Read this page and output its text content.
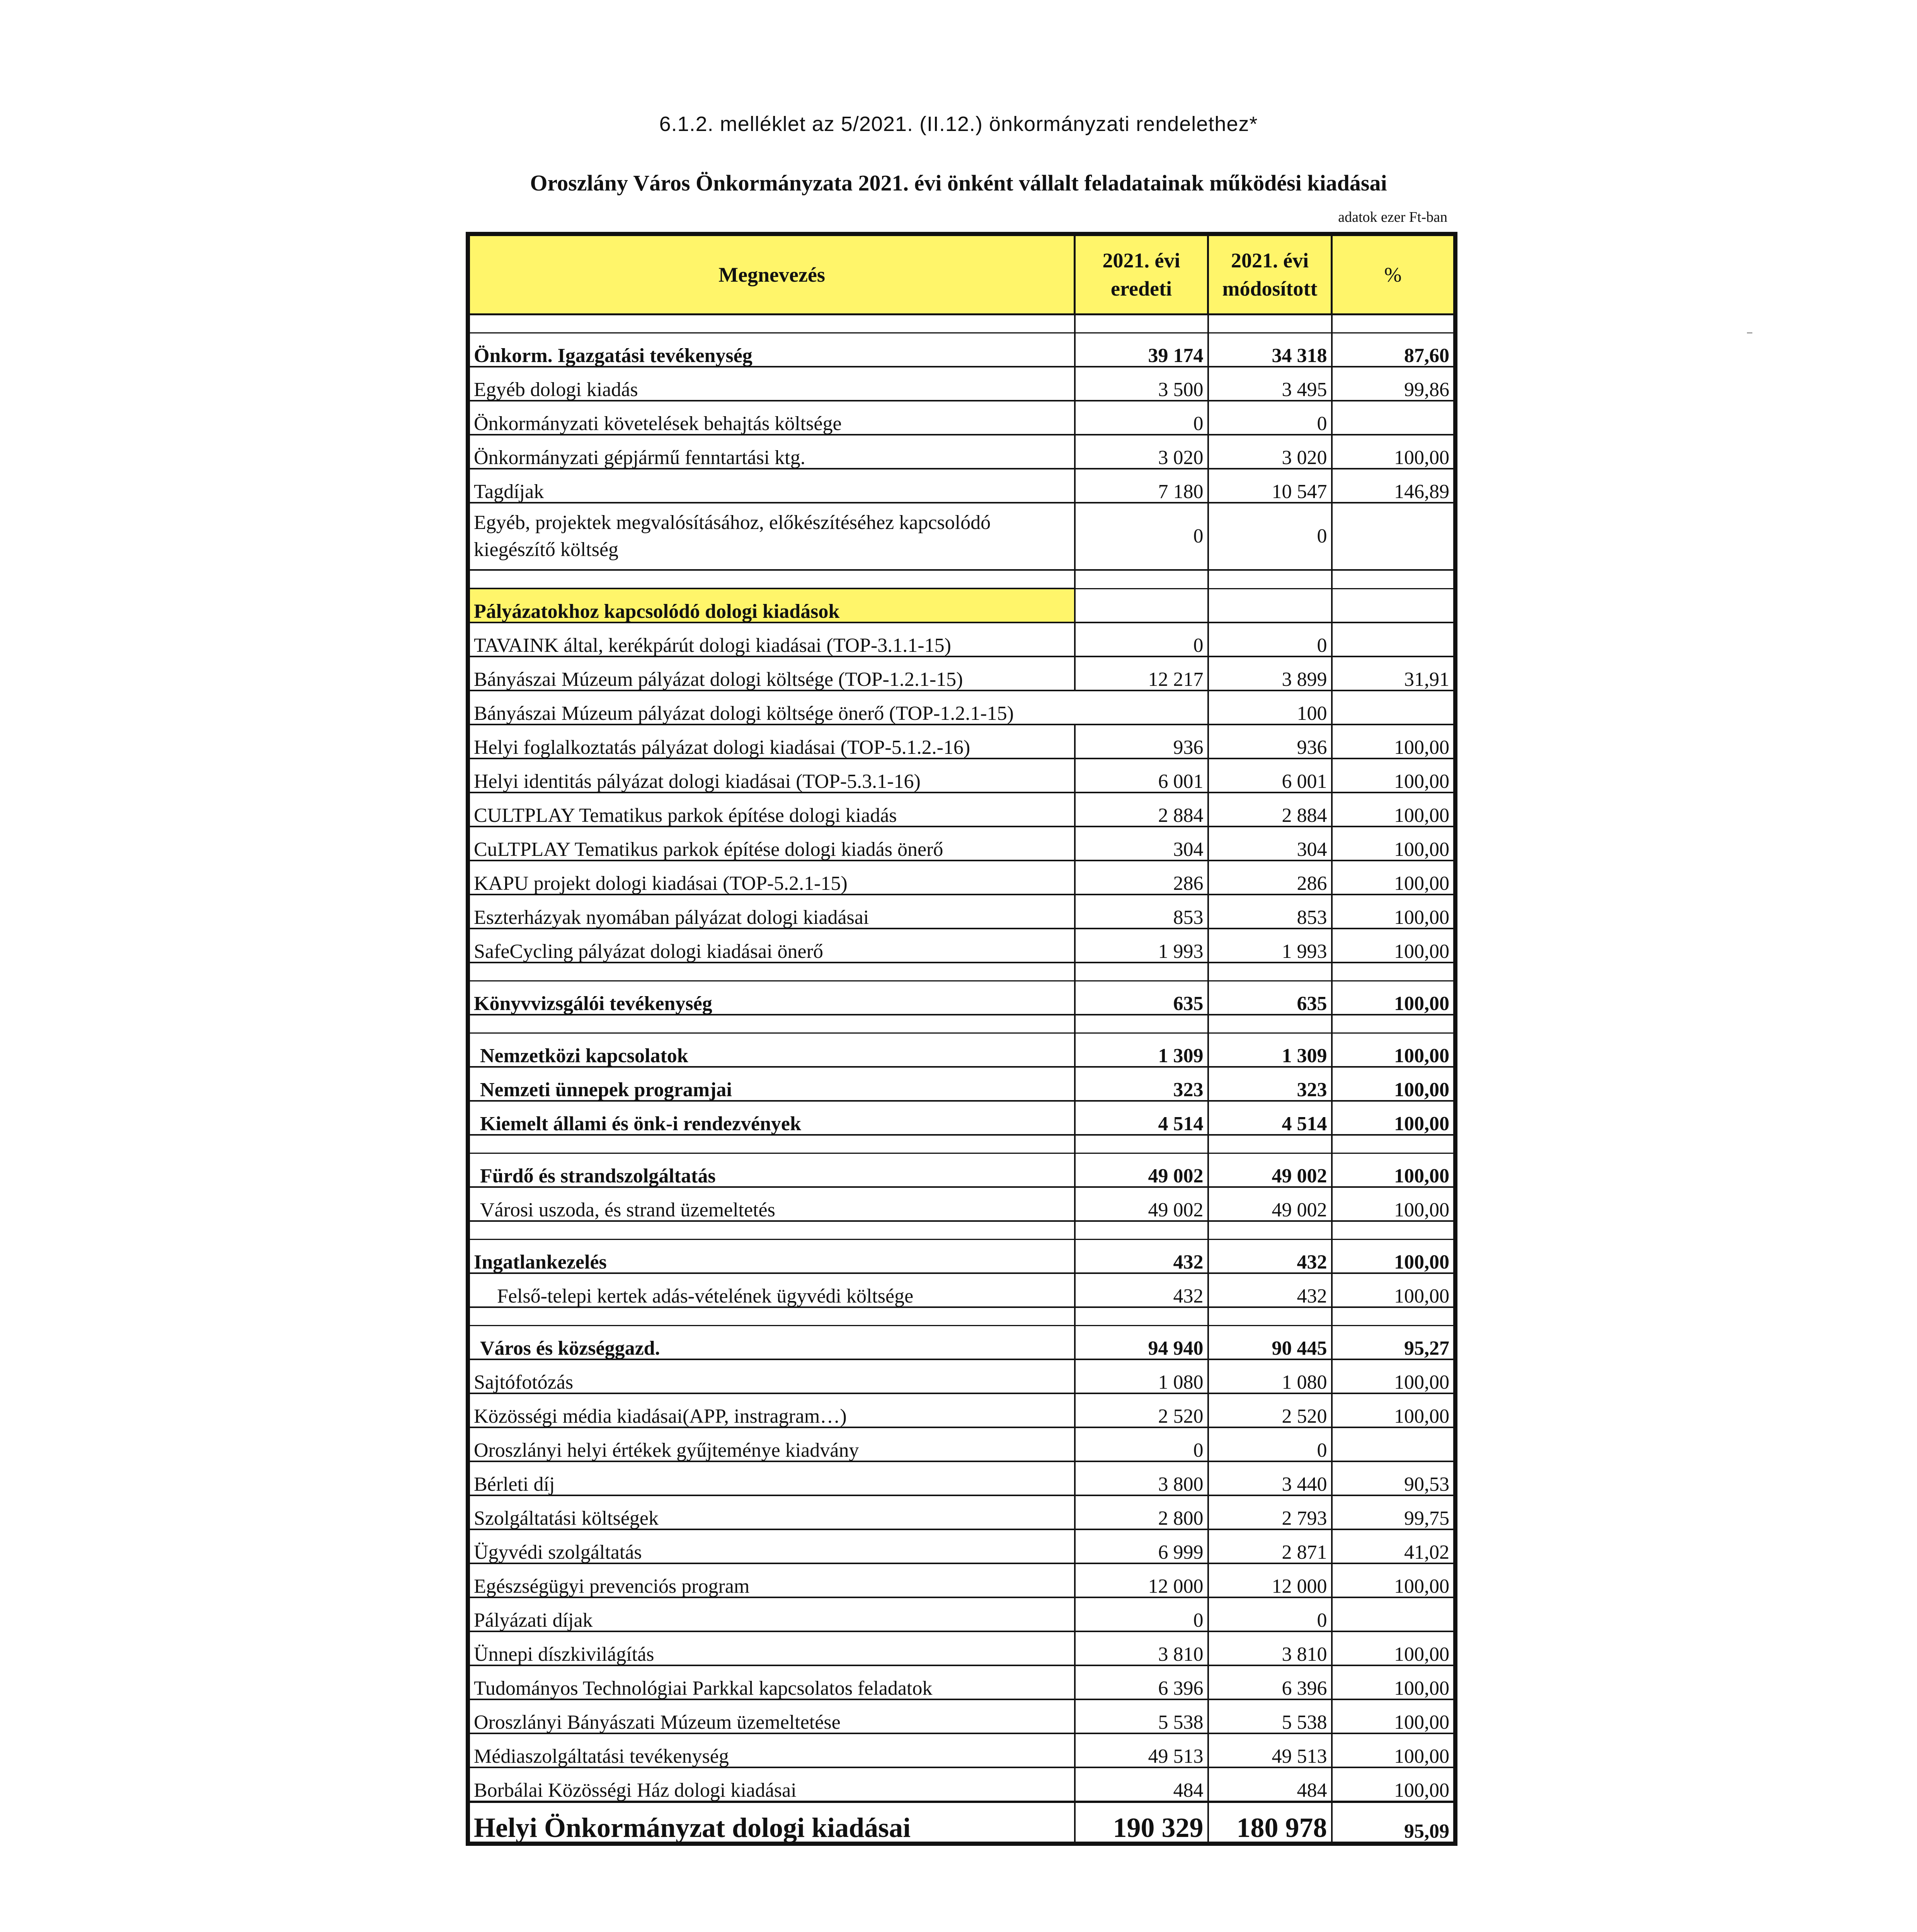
6.1.2. melléklet az 5/2021. (II.12.) önkormányzati rendelethez*
Oroszlány Város Önkormányzata 2021. évi önként vállalt feladatainak működési kiadásai
adatok ezer Ft-ban
Megnevezés	2021. évi eredeti	2021. évi módosított	%

Önkorm. Igazgatási tevékenység	39 174	34 318	87,60
Egyéb dologi kiadás	3 500	3 495	99,86
Önkormányzati követelések behajtás költsége	0	0	
Önkormányzati gépjármű fenntartási ktg.	3 020	3 020	100,00
Tagdíjak	7 180	10 547	146,89
Egyéb, projektek megvalósításához, előkészítéséhez kapcsolódó kiegészítő költség	0	0	

Pályázatokhoz kapcsolódó dologi kiadások			
TAVAINK által, kerékpárút dologi kiadásai (TOP-3.1.1-15)	0	0	
Bányászai Múzeum pályázat dologi költsége (TOP-1.2.1-15)	12 217	3 899	31,91
Bányászai Múzeum pályázat dologi költsége önerő (TOP-1.2.1-15)		100	
Helyi foglalkoztatás pályázat dologi kiadásai (TOP-5.1.2.-16)	936	936	100,00
Helyi identitás pályázat dologi kiadásai (TOP-5.3.1-16)	6 001	6 001	100,00
CULTPLAY Tematikus parkok építése dologi kiadás	2 884	2 884	100,00
CuLTPLAY Tematikus parkok építése dologi kiadás önerő	304	304	100,00
KAPU projekt dologi kiadásai (TOP-5.2.1-15)	286	286	100,00
Eszterházyak nyomában pályázat dologi kiadásai	853	853	100,00
SafeCycling pályázat dologi kiadásai önerő	1 993	1 993	100,00

Könyvvizsgálói tevékenység	635	635	100,00

Nemzetközi kapcsolatok	1 309	1 309	100,00
Nemzeti ünnepek programjai	323	323	100,00
Kiemelt állami és önk-i rendezvények	4 514	4 514	100,00

Fürdő és strandszolgáltatás	49 002	49 002	100,00
Városi uszoda, és strand üzemeltetés	49 002	49 002	100,00

Ingatlankezelés	432	432	100,00
Felső-telepi kertek adás-vételének ügyvédi költsége	432	432	100,00

Város és községgazd.	94 940	90 445	95,27
Sajtófotózás	1 080	1 080	100,00
Közösségi média kiadásai(APP, instragram…)	2 520	2 520	100,00
Oroszlányi helyi értékek gyűjteménye kiadvány	0	0	
Bérleti díj	3 800	3 440	90,53
Szolgáltatási költségek	2 800	2 793	99,75
Ügyvédi szolgáltatás	6 999	2 871	41,02
Egészségügyi prevenciós program	12 000	12 000	100,00
Pályázati díjak	0	0	
Ünnepi díszkivilágítás	3 810	3 810	100,00
Tudományos Technológiai Parkkal kapcsolatos feladatok	6 396	6 396	100,00
Oroszlányi Bányászati Múzeum üzemeltetése	5 538	5 538	100,00
Médiaszolgáltatási tevékenység	49 513	49 513	100,00
Borbálai Közösségi Ház dologi kiadásai	484	484	100,00
Helyi Önkormányzat dologi kiadásai	190 329	180 978	95,09
